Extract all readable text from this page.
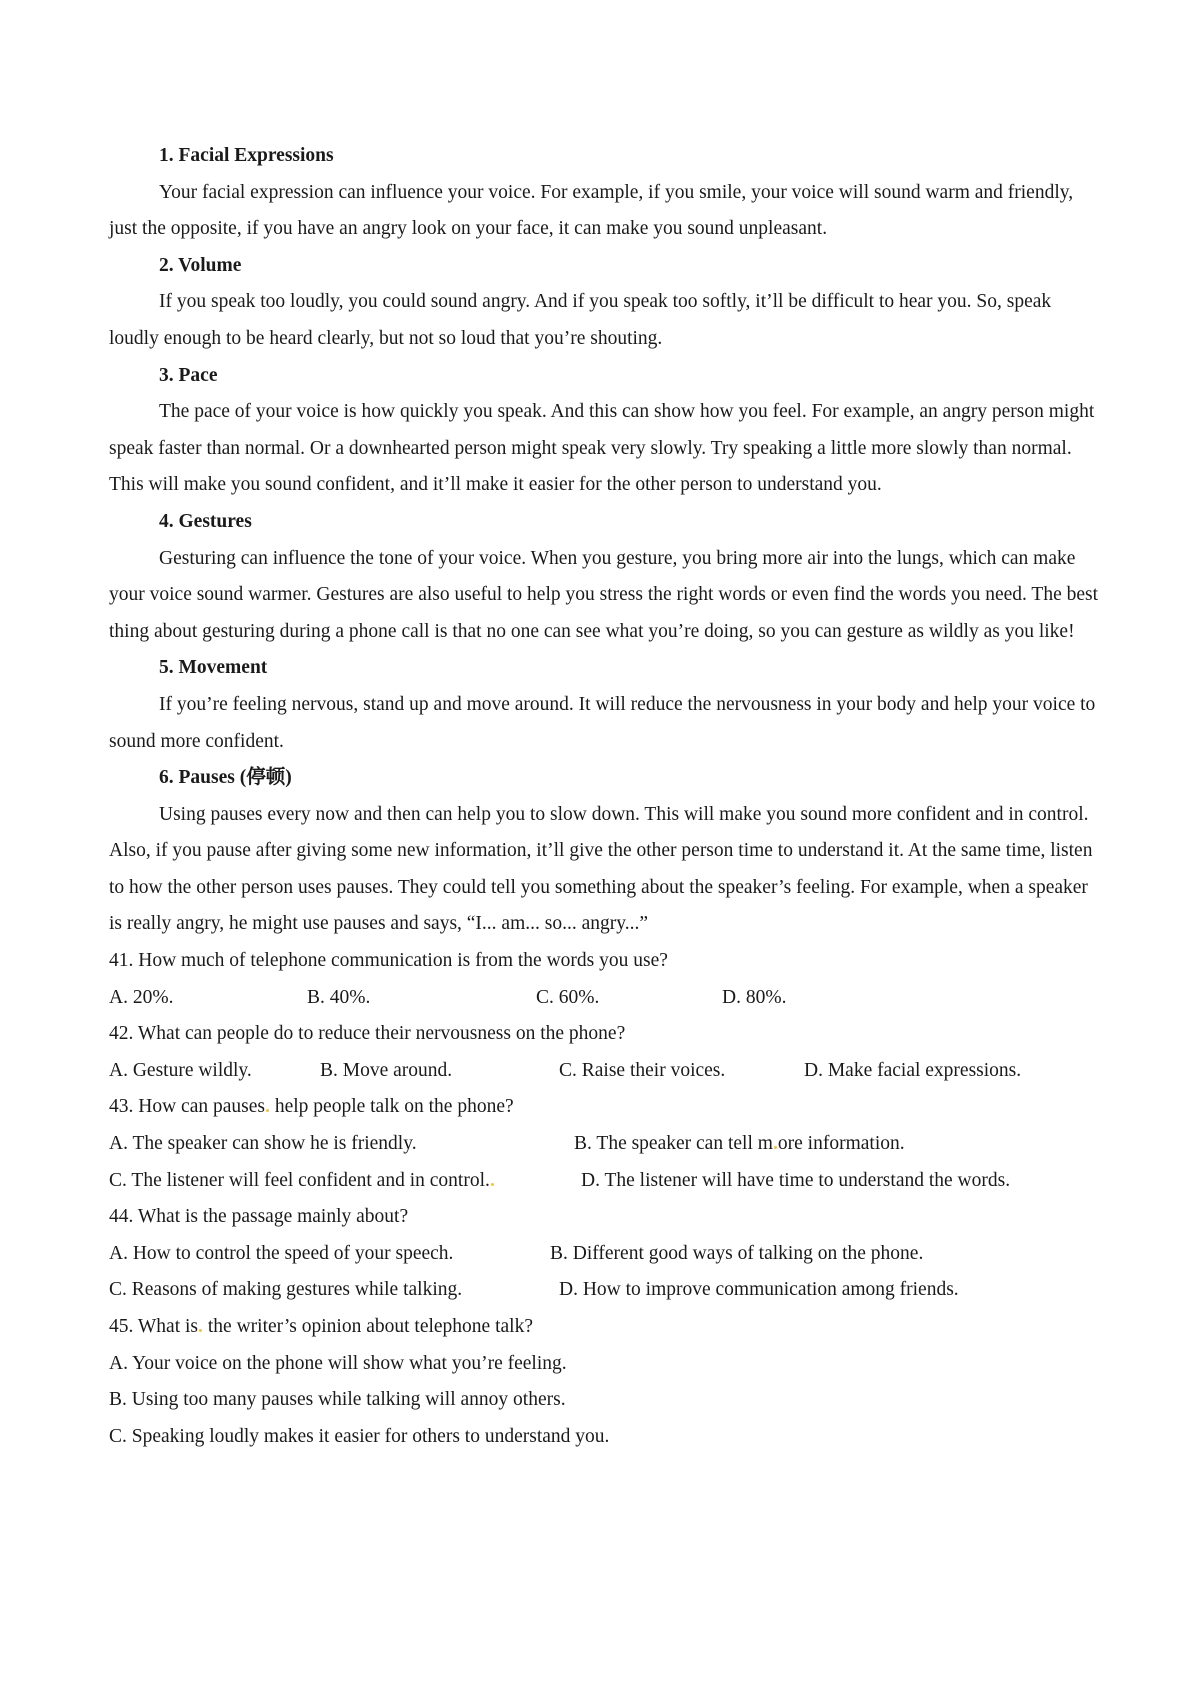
1. Facial Expressions

Your facial expression can influence your voice. For example, if you smile, your voice will sound warm and friendly, just the opposite, if you have an angry look on your face, it can make you sound unpleasant.

2. Volume

If you speak too loudly, you could sound angry. And if you speak too softly, it’ll be difficult to hear you. So, speak loudly enough to be heard clearly, but not so loud that you’re shouting.

3. Pace

The pace of your voice is how quickly you speak. And this can show how you feel. For example, an angry person might speak faster than normal. Or a downhearted person might speak very slowly. Try speaking a little more slowly than normal. This will make you sound confident, and it’ll make it easier for the other person to understand you.

4. Gestures

Gesturing can influence the tone of your voice. When you gesture, you bring more air into the lungs, which can make your voice sound warmer. Gestures are also useful to help you stress the right words or even find the words you need. The best thing about gesturing during a phone call is that no one can see what you’re doing, so you can gesture as wildly as you like!

5. Movement

If you’re feeling nervous, stand up and move around. It will reduce the nervousness in your body and help your voice to sound more confident.

6. Pauses (停顿)

Using pauses every now and then can help you to slow down. This will make you sound more confident and in control. Also, if you pause after giving some new information, it’ll give the other person time to understand it. At the same time, listen to how the other person uses pauses. They could tell you something about the speaker’s feeling. For example, when a speaker is really angry, he might use pauses and says, “I... am... so... angry...”

41. How much of telephone communication is from the words you use?

A. 20%.	B. 40%.	C. 60%.	D. 80%.

42. What can people do to reduce their nervousness on the phone?

A. Gesture wildly.	B. Move around.	C. Raise their voices.	D. Make facial expressions.

43. How can pauses help people talk on the phone?

A. The speaker can show he is friendly.	B. The speaker can tell m ore information.
C. The listener will feel confident and in control.	D. The listener will have time to understand the words.

44. What is the passage mainly about?

A. How to control the speed of your speech.	B. Different good ways of talking on the phone.
C. Reasons of making gestures while talking.	D. How to improve communication among friends.

45. What is the writer’s opinion about telephone talk?

A. Your voice on the phone will show what you’re feeling.

B. Using too many pauses while talking will annoy others.

C. Speaking loudly makes it easier for others to understand you.
